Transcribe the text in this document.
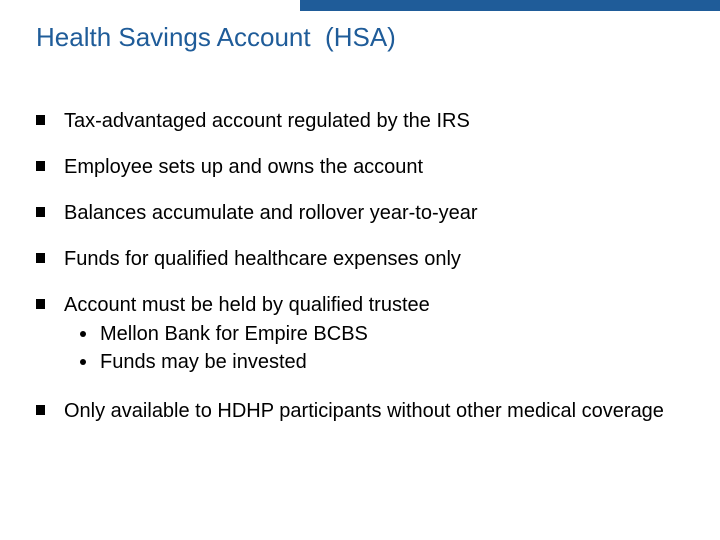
Health Savings Account  (HSA)
Tax-advantaged account regulated by the IRS
Employee sets up and owns the account
Balances accumulate and rollover year-to-year
Funds for qualified healthcare expenses only
Account must be held by qualified trustee
Mellon Bank for Empire BCBS
Funds may be invested
Only available to HDHP participants without other medical coverage
